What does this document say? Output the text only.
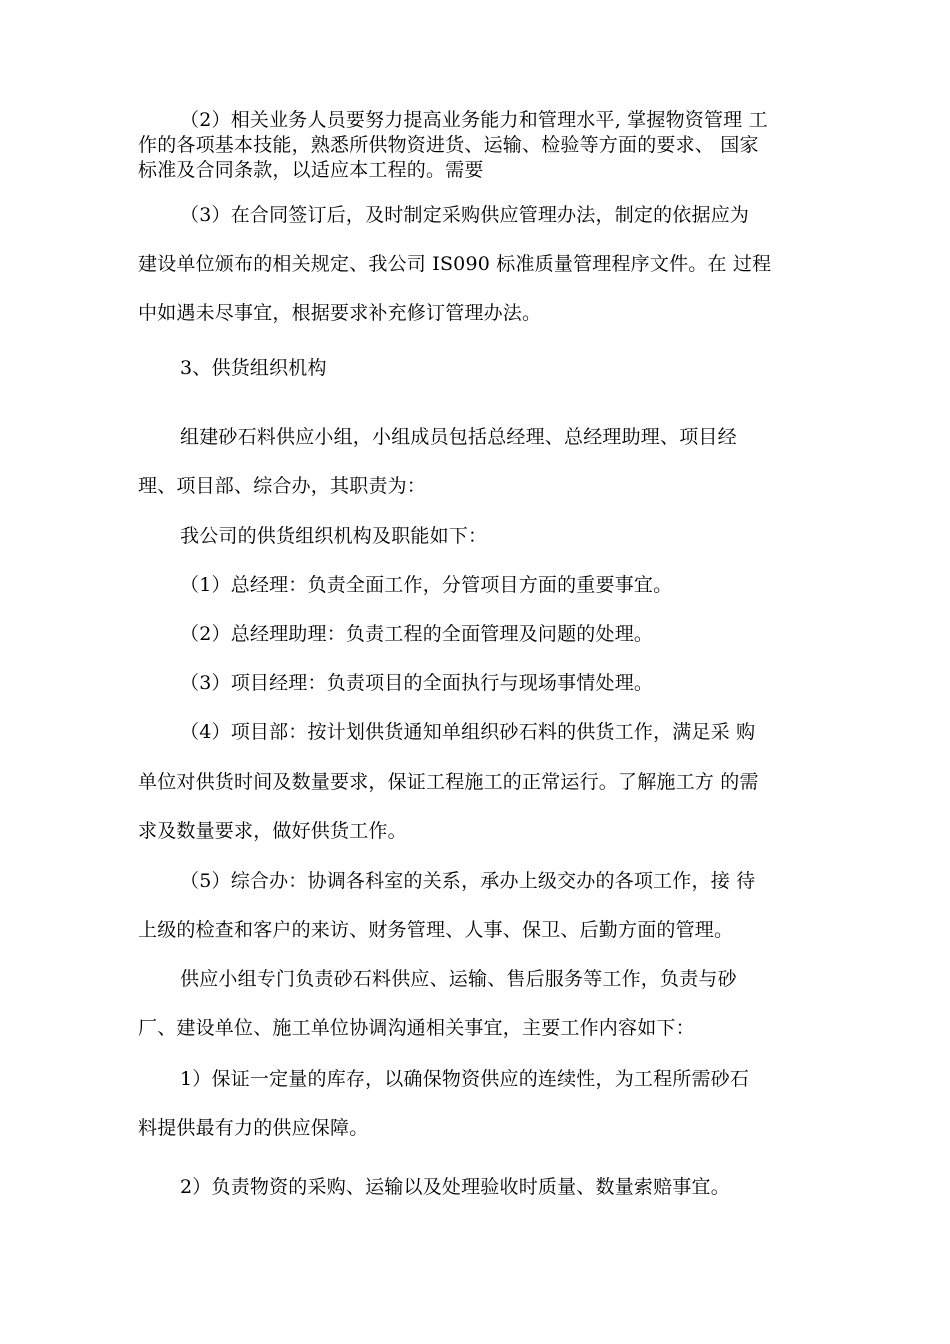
（2）相关业务人员要努力提高业务能力和管理水平, 掌握物资管理 工
作的各项基本技能，熟悉所供物资进货、运输、检验等方面的要求、 国家
标准及合同条款，以适应本工程的。需要
（3）在合同签订后，及时制定采购供应管理办法，制定的依据应为
建设单位颁布的相关规定、我公司 IS090 标准质量管理程序文件。在 过程
中如遇未尽事宜，根据要求补充修订管理办法。
3、供货组织机构
组建砂石料供应小组，小组成员包括总经理、总经理助理、项目经
理、项目部、综合办，其职责为：
我公司的供货组织机构及职能如下：
（1）总经理：负责全面工作，分管项目方面的重要事宜。
（2）总经理助理：负责工程的全面管理及问题的处理。
（3）项目经理：负责项目的全面执行与现场事情处理。
（4）项目部：按计划供货通知单组织砂石料的供货工作，满足采 购
单位对供货时间及数量要求，保证工程施工的正常运行。了解施工方 的需
求及数量要求，做好供货工作。
（5）综合办：协调各科室的关系，承办上级交办的各项工作，接 待
上级的检查和客户的来访、财务管理、人事、保卫、后勤方面的管理。
供应小组专门负责砂石料供应、运输、售后服务等工作，负责与砂
厂、建设单位、施工单位协调沟通相关事宜，主要工作内容如下：
1）保证一定量的库存，以确保物资供应的连续性，为工程所需砂石
料提供最有力的供应保障。
2）负责物资的采购、运输以及处理验收时质量、数量索赔事宜。
